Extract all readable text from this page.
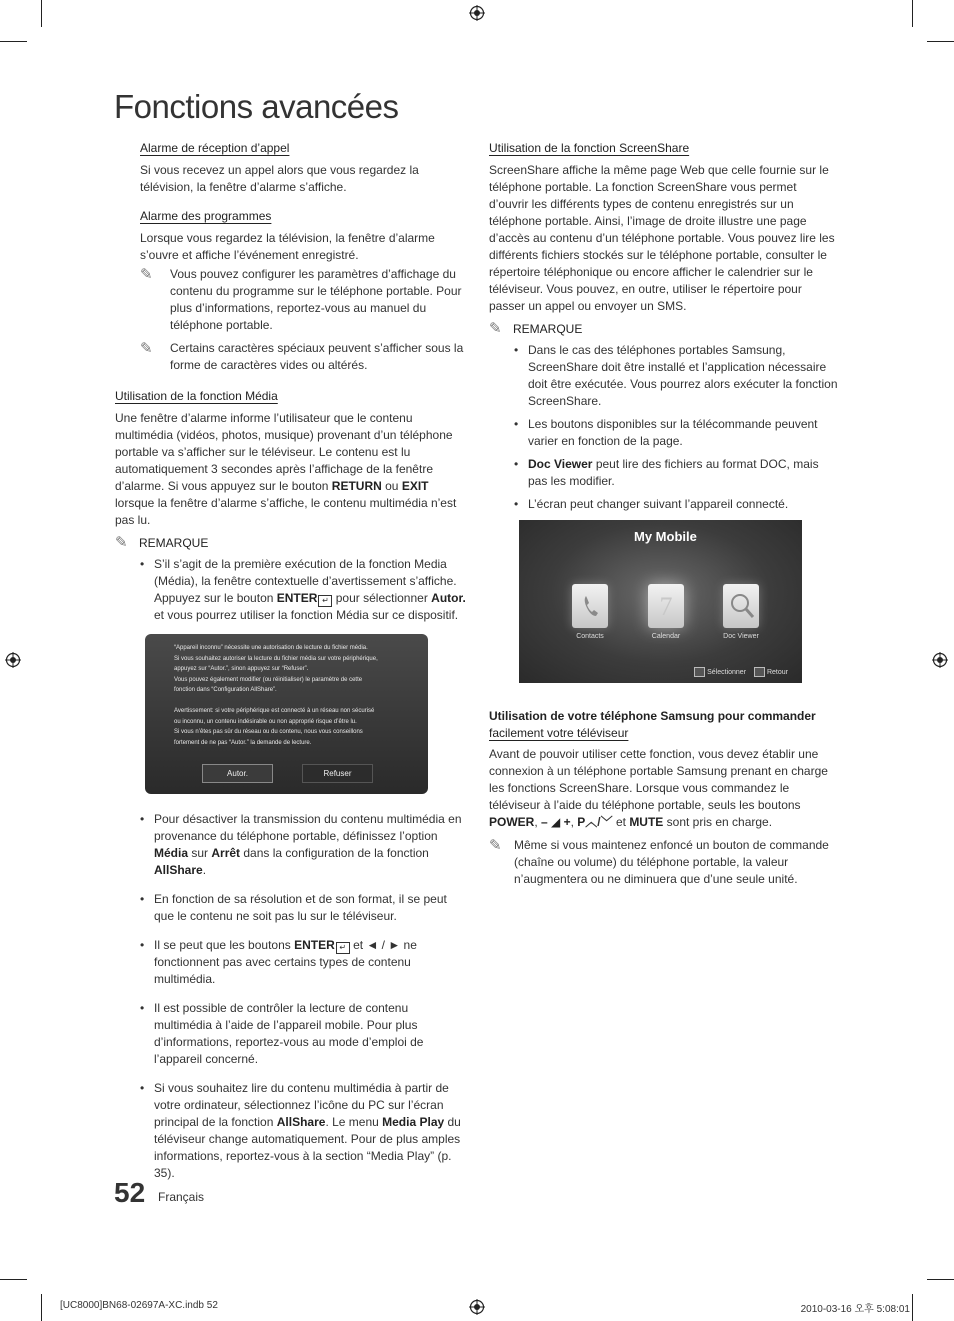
Fonctions avancées
Alarme de réception d’appel

Si vous recevez un appel alors que vous regardez la télévision, la fenêtre d’alarme s’affiche.

Alarme des programmes

Lorsque vous regardez la télévision, la fenêtre d’alarme s’ouvre et affiche l’événement enregistré.

✎ Vous pouvez configurer les paramètres d’affichage du contenu du programme sur le téléphone portable. Pour plus d’informations, reportez-vous au manuel du téléphone portable.
✎ Certains caractères spéciaux peuvent s’afficher sous la forme de caractères vides ou altérés.
Utilisation de la fonction Média

Une fenêtre d’alarme informe l’utilisateur que le contenu multimédia (vidéos, photos, musique) provenant d’un téléphone portable va s’afficher sur le téléviseur. Le contenu est lu automatiquement 3 secondes après l’affichage de la fenêtre d’alarme. Si vous appuyez sur le bouton RETURN ou EXIT lorsque la fenêtre d’alarme s’affiche, le contenu multimédia n’est pas lu.

✎ REMARQUE
• S’il s’agit de la première exécution de la fonction Media (Média), la fenêtre contextuelle d’avertissement s’affiche. Appuyez sur le bouton ENTER ↵ pour sélectionner Autor. et vous pourrez utiliser la fonction Média sur ce dispositif.
“Appareil inconnu” nécessite une autorisation de lecture du fichier média.
Si vous souhaitez autoriser la lecture du fichier média sur votre périphérique,
appuyez sur “Autor.”, sinon appuyez sur “Refuser”.
Vous pouvez également modifier (ou réinitialiser) le paramètre de cette
fonction dans “Configuration AllShare”.
Avertissement: si votre périphérique est connecté à un réseau non sécurisé
ou inconnu, un contenu indésirable ou non approprié risque d’être lu.
Si vous n’êtes pas sûr du réseau ou du contenu, nous vous conseillons
fortement de ne pas “Autor.” la demande de lecture.
Autor.	Refuser
• Pour désactiver la transmission du contenu multimédia en provenance du téléphone portable, définissez l’option Média sur Arrêt dans la configuration de la fonction AllShare.
• En fonction de sa résolution et de son format, il se peut que le contenu ne soit pas lu sur le téléviseur.
• Il se peut que les boutons ENTER ↵ et ◄ / ► ne fonctionnent pas avec certains types de contenu multimédia.
• Il est possible de contrôler la lecture de contenu multimédia à l’aide de l’appareil mobile. Pour plus d’informations, reportez-vous au mode d’emploi de l’appareil concerné.
• Si vous souhaitez lire du contenu multimédia à partir de votre ordinateur, sélectionnez l’icône du PC sur l’écran principal de la fonction AllShare. Le menu Media Play du téléviseur change automatiquement. Pour de plus amples informations, reportez-vous à la section “Media Play” (p. 35).
Utilisation de la fonction ScreenShare

ScreenShare affiche la même page Web que celle fournie sur le téléphone portable. La fonction ScreenShare vous permet d’ouvrir les différents types de contenu enregistrés sur un téléphone portable. Ainsi, l’image de droite illustre une page d’accès au contenu d’un téléphone portable. Vous pouvez lire les différents fichiers stockés sur le téléphone portable, consulter le répertoire téléphonique ou encore afficher le calendrier sur le téléviseur. Vous pouvez, en outre, utiliser le répertoire pour passer un appel ou envoyer un SMS.

✎ REMARQUE
• Dans le cas des téléphones portables Samsung, ScreenShare doit être installé et l’application nécessaire doit être exécutée. Vous pourrez alors exécuter la fonction ScreenShare.
• Les boutons disponibles sur la télécommande peuvent varier en fonction de la page.
• Doc Viewer peut lire des fichiers au format DOC, mais pas les modifier.
• L’écran peut changer suivant l’appareil connecté.
My Mobile
Contacts
7
Calendar	Doc Viewer
Sélectionner	Retour
Utilisation de votre téléphone Samsung pour commander
facilement votre téléviseur

Avant de pouvoir utiliser cette fonction, vous devez établir une connexion à un téléphone portable Samsung prenant en charge les fonctions ScreenShare. Lorsque vous commandez le téléviseur à l’aide du téléphone portable, seuls les boutons POWER, – ◢ +, P︿/﹀ et MUTE sont pris en charge.

✎ Même si vous maintenez enfoncé un bouton de commande (chaîne ou volume) du téléphone portable, la valeur n’augmentera ou ne diminuera que d’une seule unité.
52 Français
[UC8000]BN68-02697A-XC.indb 52	2010-03-16 오후 5:08:01
